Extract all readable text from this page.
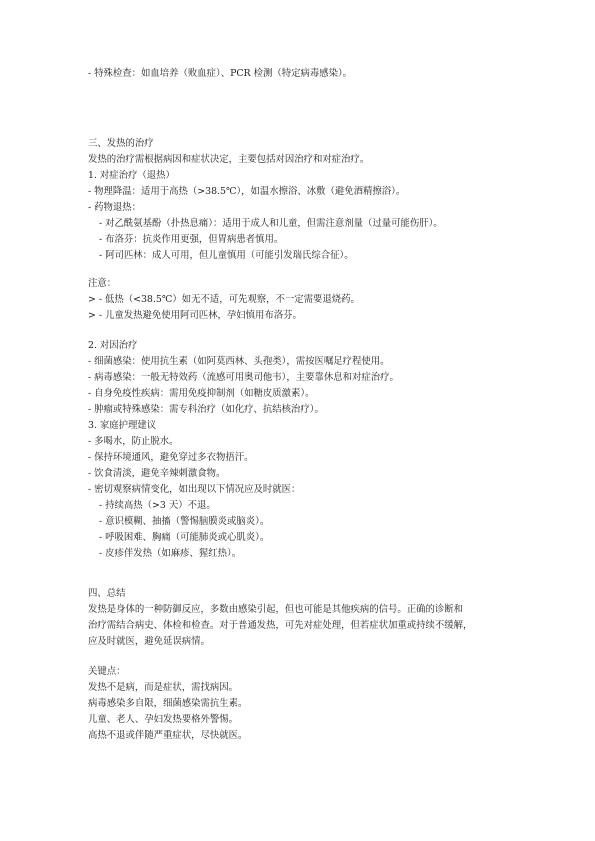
- 特殊检查：如血培养（败血症）、PCR 检测（特定病毒感染）。
三、发热的治疗
发热的治疗需根据病因和症状决定，主要包括对因治疗和对症治疗。
1. 对症治疗（退热）
- 物理降温：适用于高热（>38.5℃），如温水擦浴、冰敷（避免酒精擦浴）。
- 药物退热：
- 对乙酰氨基酚（扑热息痛）：适用于成人和儿童，但需注意剂量（过量可能伤肝）。
- 布洛芬：抗炎作用更强，但胃病患者慎用。
- 阿司匹林：成人可用，但儿童慎用（可能引发瑞氏综合征）。
注意：
> - 低热（<38.5℃）如无不适，可先观察，不一定需要退烧药。
> - 儿童发热避免使用阿司匹林，孕妇慎用布洛芬。
2. 对因治疗
- 细菌感染：使用抗生素（如阿莫西林、头孢类），需按医嘱足疗程使用。
- 病毒感染：一般无特效药（流感可用奥司他韦），主要靠休息和对症治疗。
- 自身免疫性疾病：需用免疫抑制剂（如糖皮质激素）。
- 肿瘤或特殊感染：需专科治疗（如化疗、抗结核治疗）。
3. 家庭护理建议
- 多喝水，防止脱水。
- 保持环境通风，避免穿过多衣物捂汗。
- 饮食清淡，避免辛辣刺激食物。
- 密切观察病情变化，如出现以下情况应及时就医：
- 持续高热（>3 天）不退。
- 意识模糊、抽搐（警惕脑膜炎或脑炎）。
- 呼吸困难、胸痛（可能肺炎或心肌炎）。
- 皮疹伴发热（如麻疹、猩红热）。
四、总结
发热是身体的一种防御反应，多数由感染引起，但也可能是其他疾病的信号。正确的诊断和
治疗需结合病史、体检和检查。对于普通发热，可先对症处理，但若症状加重或持续不缓解，
应及时就医，避免延误病情。
关键点：
发热不是病，而是症状，需找病因。
病毒感染多自限，细菌感染需抗生素。
儿童、老人、孕妇发热要格外警惕。
高热不退或伴随严重症状，尽快就医。
